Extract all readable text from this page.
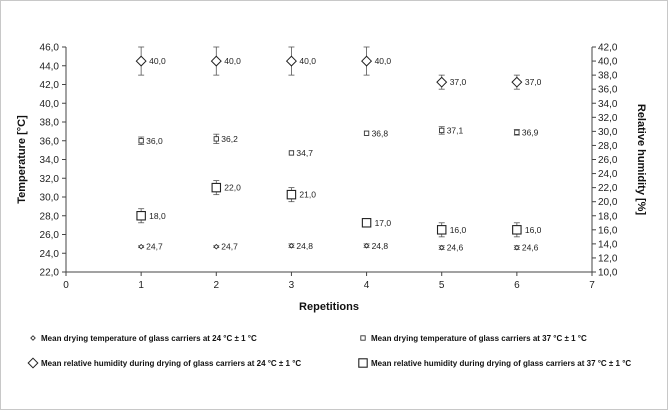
22,0
24,0
26,0
28,0
30,0
32,0
34,0
36,0
38,0
40,0
42,0
44,0
46,0
10,0
12,0
14,0
16,0
18,0
20,0
22,0
24,0
26,0
28,0
30,0
32,0
34,0
36,0
38,0
40,0
42,0
0	1	2	3	4	5	6	7
Repetitions
Temperature [°C]	Relative humidity [%]
24,7	24,7	24,8	24,8	24,6	24,6
36,0	36,2
34,7
36,8	37,1	36,9
40,0	40,0	40,0	40,0
37,0	37,0
18,0
22,0
21,0
17,0
16,0	16,0
Mean drying temperature of glass carriers at 24 °C ± 1 °C	Mean drying temperature of glass carriers at 37 °C ± 1 °C
Mean relative humidity during drying of glass carriers at 24 °C ± 1 °C	Mean relative humidity during drying of glass carriers at 37 °C ± 1 °C
